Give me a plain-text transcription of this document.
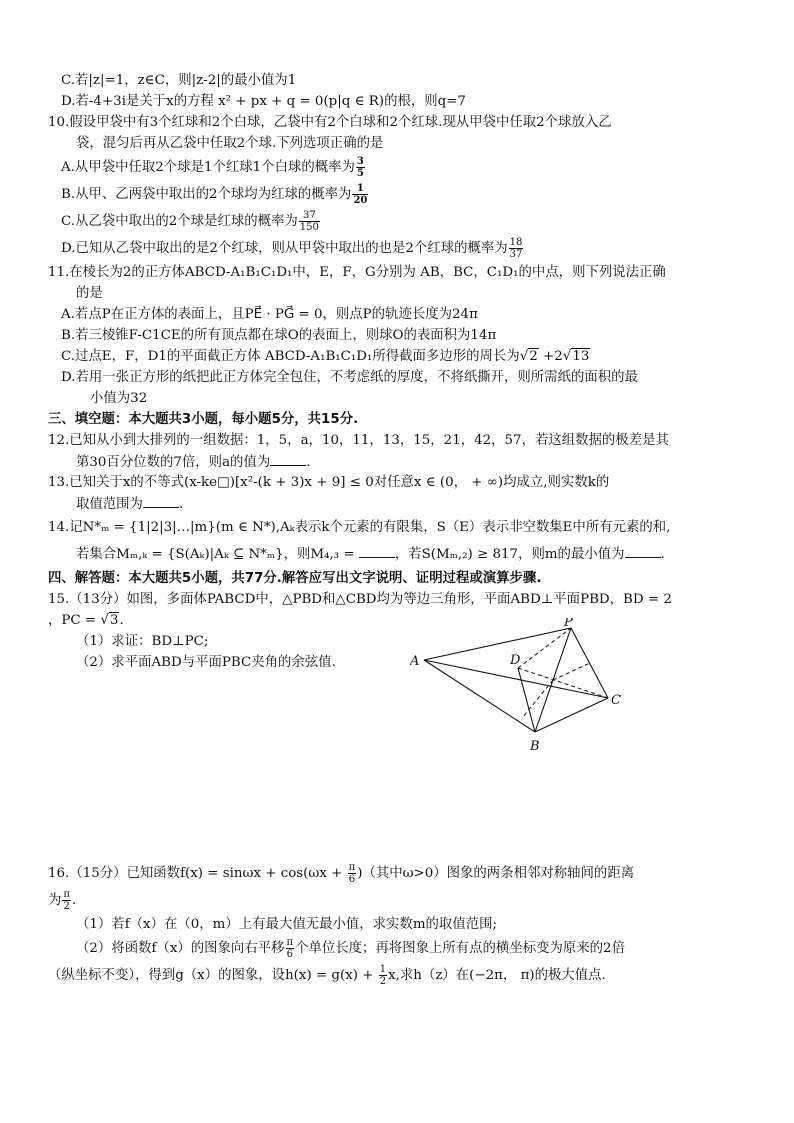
C.若|z|=1，z∈C，则|z-2|的最小值为1
D.若-4+3i是关于x的方程 x² + px + q = 0(p|q ∈ R)的根，则q=7
10.假设甲袋中有3个红球和2个白球，乙袋中有2个白球和2个红球.现从甲袋中任取2个球放入乙
袋，混匀后再从乙袋中任取2个球.下列选项正确的是
A.从甲袋中任取2个球是1个红球1个白球的概率为 $\frac{3}{5}$
B.从甲、乙两袋中取出的2个球均为红球的概率为 $\frac{1}{20}$
C.从乙袋中取出的2个球是红球的概率为 $\frac{37}{150}$
D.已知从乙袋中取出的是2个红球，则从甲袋中取出的也是2个红球的概率为 $\frac{18}{37}$
11.在棱长为2的正方体ABCD-A₁B₁C₁D₁中，E，F，G分别为 AB，BC，C₁D₁的中点，则下列说法正确
的是
A.若点P在正方体的表面上，且PE⃗ · PG⃗ = 0，则点P的轨迹长度为24π
B.若三棱锥F-C1CE的所有顶点都在球O的表面上，则球O的表面积为14π
C.过点E，F，D1的平面截正方体 ABCD-A₁B₁C₁D₁所得截面多边形的周长为√2 +2√13
D.若用一张正方形的纸把此正方体完全包住，不考虑纸的厚度，不将纸撕开，则所需纸的面积的最
小值为32
三、填空题：本大题共3小题，每小题5分，共15分.
12.已知从小到大排列的一组数据：1，5，a，10，11，13，15，21，42，57，若这组数据的极差是其
第30百分位数的7倍，则a的值为	.
13.已知关于x的不等式(x-ke□)[x²-(k + 3)x + 9] ≤ 0对任意x ∈ (0， + ∞)均成立,则实数k的
取值范围为	.
14.记N*ₘ = {1|2|3|…|m}(m ∈ N*),Aₖ表示k个元素的有限集，S（E）表示非空数集E中所有元素的和,
若集合Mₘ,ₖ = {S(Aₖ)|Aₖ ⊆ N*ₘ}，则M₄,₃ =	，若S(Mₘ,₂) ≥ 817，则m的最小值为	.
四、解答题：本大题共5小题，共77分.解答应写出文字说明、证明过程或演算步骤.
15.（13分）如图，多面体PABCD中，△PBD和△CBD均为等边三角形，平面ABD⊥平面PBD，BD = 2
，PC = √3.
（1）求证：BD⊥PC;
（2）求平面ABD与平面PBC夹角的余弦值.
P
A	D
C
B
16.（15分）已知函数$f(x) = \sin\omega x + \cos(\omega x + \frac{\pi}{6}$ )（其中ω>0）图象的两条相邻对称轴间的距离
为 $\frac{\pi}{2}$ .
（1）若f（x）在（0，m）上有最大值无最小值，求实数m的取值范围;
（2）将函数f（x）的图象向右平移 $\frac{\pi}{6}$ 个单位长度；再将图象上所有点的横坐标变为原来的2倍
（纵坐标不变），得到g（x）的图象，设$h(x) = g(x) + \frac{1}{2} x$,求h（z）在(−2π， π)的极大值点.
